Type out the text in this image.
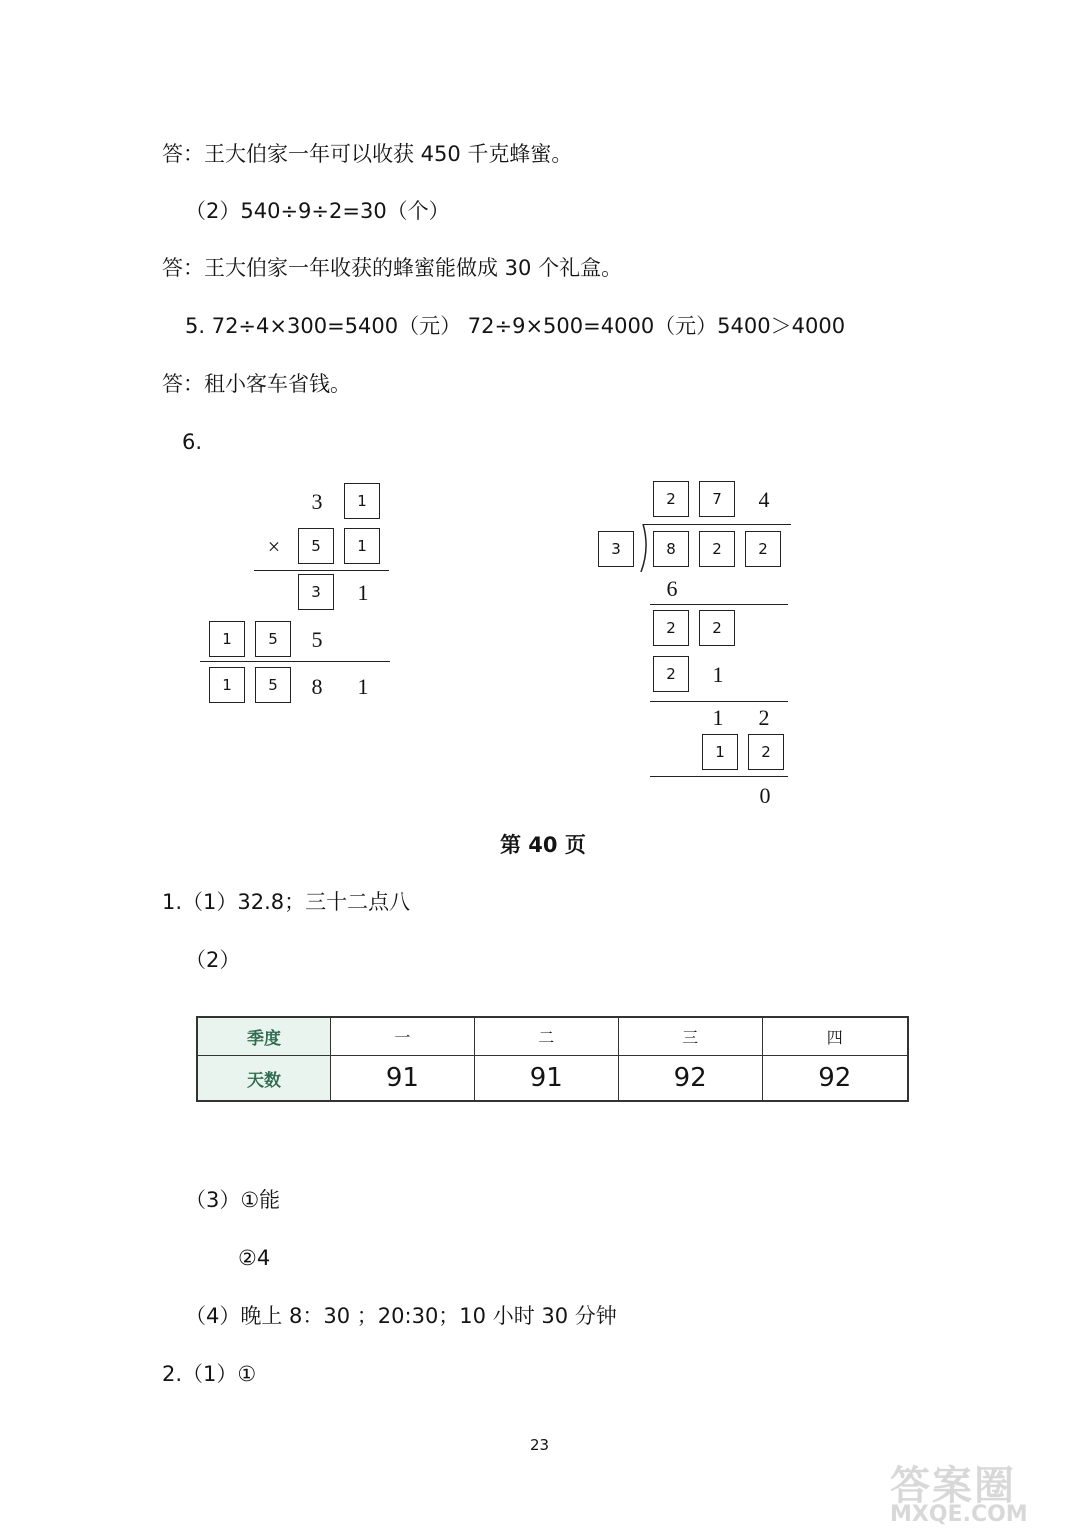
答：王大伯家一年可以收获 450 千克蜂蜜。
（2）540÷9÷2=30（个）
答：王大伯家一年收获的蜂蜜能做成 30 个礼盒。
5. 72÷4×300=5400（元） 72÷9×500=4000（元）5400＞4000
答：租小客车省钱。
6.
3	1
×	5	1
3	1
1	5	5
1	5	8	1
2	7	4
3	8	2	2
6
2	2
2	1
1	2
1	2
0
第 40 页
1.（1）32.8；三十二点八
（2）
季度	一	二	三	四
天数	91	91	92	92
（3）①能
②4
（4）晚上 8：30 ；20:30；10 小时 30 分钟
2.（1）①
23
答案圈
MXQE.COM
